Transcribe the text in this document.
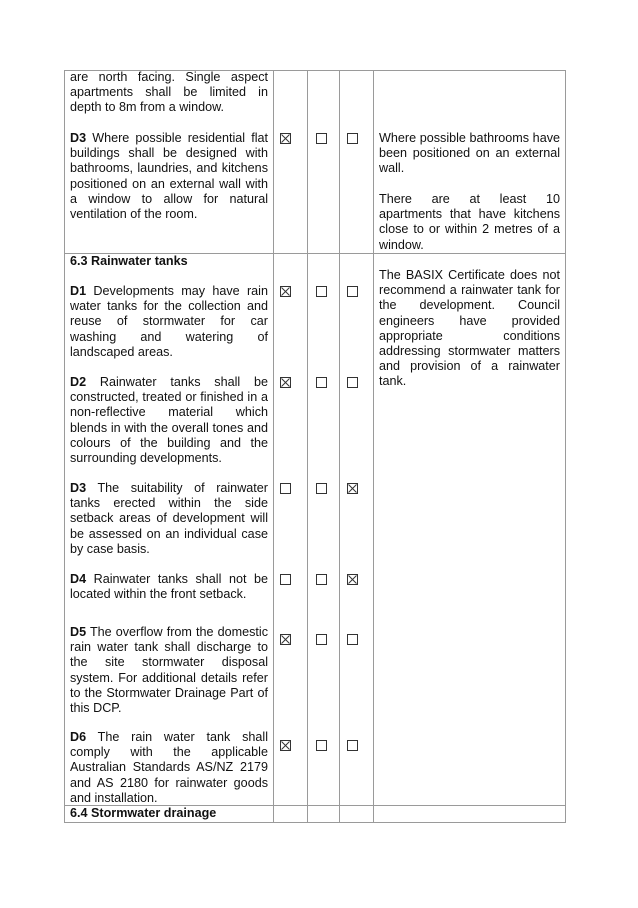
are north facing. Single aspect apartments shall be limited in depth to 8m from a window.
D3 Where possible residential flat buildings shall be designed with bathrooms, laundries, and kitchens positioned on an external wall with a window to allow for natural ventilation of the room.
Where possible bathrooms have been positioned on an external wall.
There are at least 10 apartments that have kitchens close to or within 2 metres of a window.
6.3 Rainwater tanks
The BASIX Certificate does not recommend a rainwater tank for the development. Council engineers have provided appropriate conditions addressing stormwater matters and provision of a rainwater tank.
D1 Developments may have rain water tanks for the collection and reuse of stormwater for car washing and watering of landscaped areas.
D2 Rainwater tanks shall be constructed, treated or finished in a non-reflective material which blends in with the overall tones and colours of the building and the surrounding developments.
D3 The suitability of rainwater tanks erected within the side setback areas of development will be assessed on an individual case by case basis.
D4 Rainwater tanks shall not be located within the front setback.
D5 The overflow from the domestic rain water tank shall discharge to the site stormwater disposal system. For additional details refer to the Stormwater Drainage Part of this DCP.
D6 The rain water tank shall comply with the applicable Australian Standards AS/NZ 2179 and AS 2180 for rainwater goods and installation.
6.4 Stormwater drainage
